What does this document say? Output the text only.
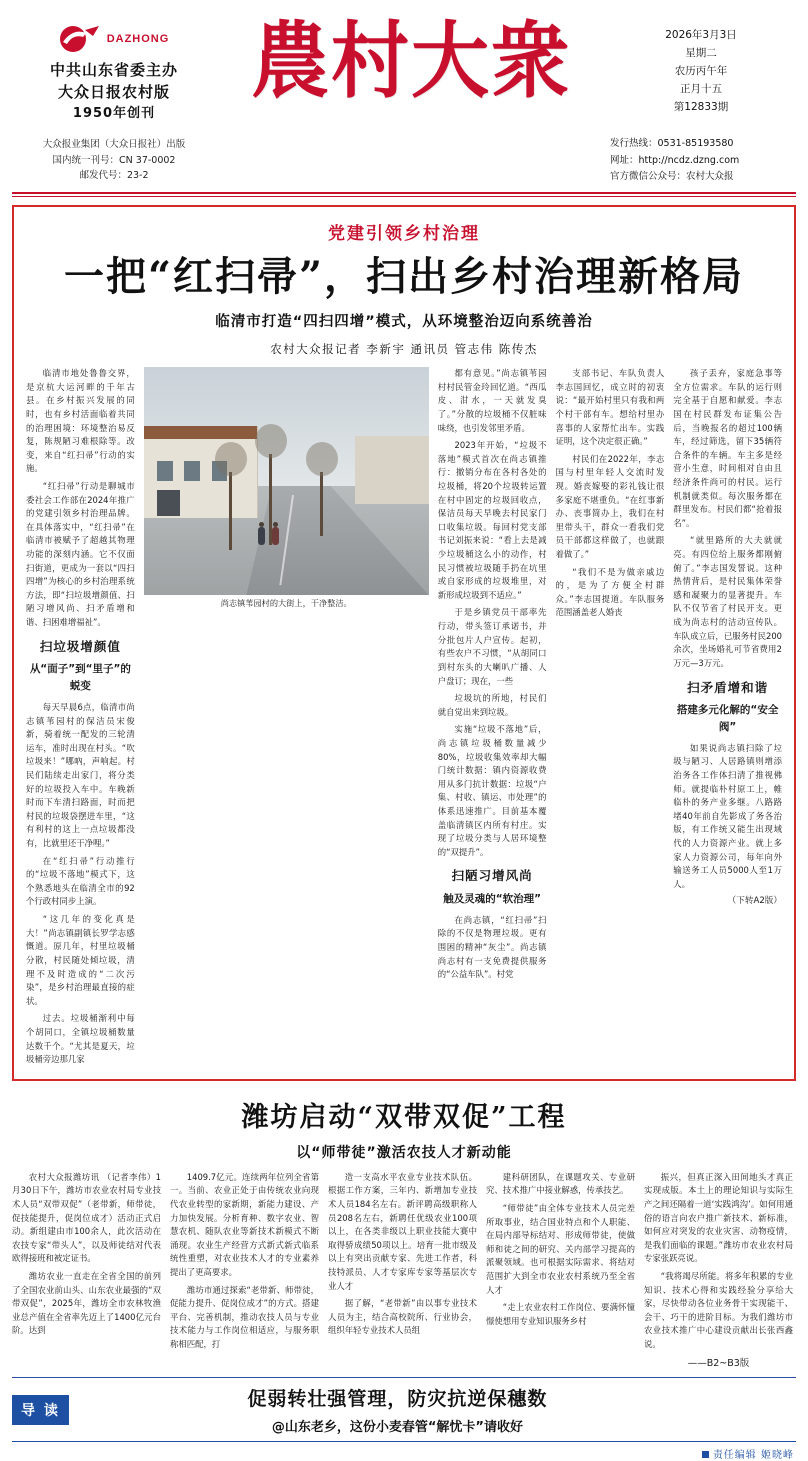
DAZHONG
中共山东省委主办
大众日报农村版
1950年创刊
大众报业集团（大众日报社）出版
国内统一刊号：CN 37-0002
邮发代号：23-2
農村大衆	2026年3月3日
星期二
农历丙午年
正月十五
第12833期
发行热线：0531-85193580
网址：http://ncdz.dzng.com
官方微信公众号：农村大众报
党建引领乡村治理
一把“红扫帚”，扫出乡村治理新格局
临清市打造“四扫四增”模式，从环境整治迈向系统善治
农村大众报记者 李新宇 通讯员 管志伟 陈传杰

临清市地处鲁鲁交界，是京杭大运河畔的千年古县。在乡村振兴发展的同时，也有乡村活面临着共同的治理困境：环境整治易反复，陈规陋习难根除等。改变，来自“红扫帚”行动的实施。

“红扫帚”行动是聊城市委社会工作部在2024年推广的党建引领乡村治理品牌。在具体落实中，“红扫帚”在临清市被赋予了超越其物理功能的深刻内涵。它不仅面扫街道，更成为一套以“四扫四增”为核心的乡村治理系统方法，即“扫垃圾增颜值、扫陋习增风尚、扫矛盾增和谐、扫困难增福祉”。

扫垃圾增颜值
从“面子”到“里子”的蜕变

每天早晨6点，临清市尚志镇苇园村的保洁员宋俊新，骑着统一配发的三轮清运车，准时出现在村头。“吹垃圾来！”哪吶，声响起。村民们陆续走出家门，将分类好的垃圾投入车中。车晚新时而下车清扫路面，时而把村民的垃圾袋摆进车里，“这有利村的这上一点垃圾都没有，比就里还干净哩。”

在“红扫帚”行动推行的“垃圾不落地”模式下，这个熟悉地头在临清全市的92个行政村同步上演。

“这几年的变化真是大！”尚志镇副镇长罗学志感慨道。原几年，村里垃圾桶分散，村民随处倾垃圾，清理不及时造成的“二次污染”，是乡村治理最直接的症状。

过去。垃圾桶渐利中每个胡同口，全镇垃圾桶数量达数千个。“尤其是夏天，垃圾桶旁边那几家

尚志镇苇园村的大街上，干净整洁。

都有意见。”尚志镇苇园村村民管金玲回忆道。“西瓜皮、泔水，一天就发臭了。”分散的垃圾桶不仅脏味味绕，也引发邻里矛盾。

2023年开始，“垃圾不落地”模式首次在尚志镇推行：撤销分布在各村各处的垃圾桶，将20个垃圾转运置在村中固定的垃圾回收点，保洁员每天早晚去村民家门口收集垃圾。每回村党支部书记刘振来说：“看上去是减少垃圾桶这么小的动作，村民习惯被垃圾随手扔在坑里或自家形成的垃圾堆里，对新形成垃圾到不适应。”

于是乡镇党员干部率先行动，带头签订承诺书，并分批包片人户宣传。起初，有些农户不习惯，“从胡同口到村东头的大喇叭广播、人户盘订；现在，一些

垃圾坑的所地，村民们就自觉出来到垃圾。

实施“垃圾不落地”后，尚志镇垃圾桶数量减少80%，垃圾收集效率却大幅门统计数据：镇内资源收费用从多门抗计数据：垃圾“户集、村收、镇运、市处理”的体系迅速推广。目前基本覆盖临清镇区内所有村庄。实现了垃圾分类与人居环境整的“双提升”。

扫陋习增风尚
触及灵魂的“软治理”

在尚志镇，“红扫帚”扫除的不仅是物理垃圾。更有围困的精神“灰尘”。尚志镇尚志村有一支免费提供服务的“公益车队”。村党

支部书记、车队负责人李志国回忆，成立时的初衷说：“最开始村里只有我和两个村干部有车。想给村里办喜事的人家帮忙出车。实践证明，这个决定很正确。”

村民们在2022年，李志国与村里年轻人交流时发现。婚丧嫁娶的彩礼钱让很多家庭不堪重负。“在红事新办、丧事简办上，我们在村里带头干，群众一看我们党员干部都这样做了，也就跟着做了。”

“我们不是为做亲戚边的，是为了方便全村群众。”李志国提道。车队服务范围涵盖老人婚丧

孩子丢弃，家庭急事等全方位需求。车队的运行则完全基于自愿和献爱。李志国在村民群发布证集公告后，当晚报名的超过100辆车，经过筛选，留下35辆符合条件的车辆。车主多是经营小生意，时间相对自由且经济条件尚可的村民。运行机制就类似。每次服务都在群里发布。村民们都“抢着报名”。

“就里路所的大夫就就亮。有四位给上服务都刚俯俯了。”李志国发誓说。这种热情背后，是村民集体荣誉感和凝聚力的显著提升。车队不仅节省了村民开支。更成为尚志村的洁动宣传队。车队成立后，已服务村民200余次，坐场婚礼可节省费用2万元—3万元。

扫矛盾增和谐
搭建多元化解的“安全阀”

如果说尚志镇扫除了垃圾与陋习、人居路镇则增添治务各工作体扫清了推视佛师。就提临朴村原工上，帷临朴的务产业多继。八路路堵40年前自先影成了务各治版，有工作统又能生出现域代的人力资源产业。就上多家人力资源公司，每年向外输送务工人员5000人至1万人。

（下转A2版）
潍坊启动“双带双促”工程
以“师带徒”激活农技人才新动能

农村大众报潍坊讯 （记者李伟）1月30日下午，潍坊市农业农村局专业技术人员“双带双促”（老带新，师带徒，促技能提升，促岗位成才）活动正式启动。新组建由市100余人，此次活动在农技专家“带头人”，以及师徒结对代表欧得接班和被定证书。

潍坊农业一直走在全省全国的前列了全国农业前山头、山东农业最强的“双带双促”，2025年，潍坊全市农林牧渔业总产值在全省率先迈上了1400亿元台阶。达到

1409.7亿元。连续两年位列全省第一。当前、农业正处于由传统农业向现代农业转型的家新期，新能力建设、产力加快发展。分析育种、数字农业、智慧农机、随队农业等新技术新模式不断涌现。农业生产经营方式新式新式临系统性重塑，对农业技术人才的专业素养提出了更高要求。

潍坊市通过探索“老带新、师带徒，促能力提升、促岗位成才”的方式。搭建平台、完善机制，推动农技人员与专业技术能力与工作岗位相适应，与服务职称相匹配，打

造一支高水平农业专业技术队伍。根据工作方案，三年内、新增加专业技术人员184名左右。新评聘高级职称人员208名左右，新聘任优级农业100项以上，在各类非级以上职业技能大赛中取得骄成绩50项以上。培育一批市级及以上有突出贡献专家、先进工作者，科技特派员、人才专家库专家等基层次专业人才

据了解，“老带新”由以事专业技术人员为主，结合高校院所、行业协会，组织年轻专业技术人员组

建科研团队，在课题攻关、专业研究、技术推广中接业解惑，传承技艺。

“师带徒”由全体专业技术人员完差所取事业，结合国业特点和个人职能、在局内部导标结对、形成师带徒，使做师和徒之间的研究、关内部学习提高的派聚领域。也可根据实际需求、将结对范围扩大到全市农业农村系统乃至全省人才

“走上农业农村工作岗位、要满怀憧憬使想用专业知识服务乡村

振兴，但真正深入田间地头才真正实现成版。本土上的理论知识与实际生产之间还隔着一道‘实践鸿沟’。如何用通俗的语言向农户推广新技术、新标准，如何应对突发的农业灾害、动物疫情，是我们面临的课题。”潍坊市农业农村局专家张跃亮说。

“我将竭尽所能。将多年积累的专业知识、技术心得和实践经验分享给大家，尽快带动各位业务骨干实现能干、会干、巧干的进阶目标。为我们潍坊市农业技术推广中心建设贡献出长张西鑫说。

——B2~B3版
导 读
促弱转壮强管理，防灾抗逆保穗数
@山东老乡，这份小麦春管“解忧卡”请收好
责任编辑 姬晓峰
